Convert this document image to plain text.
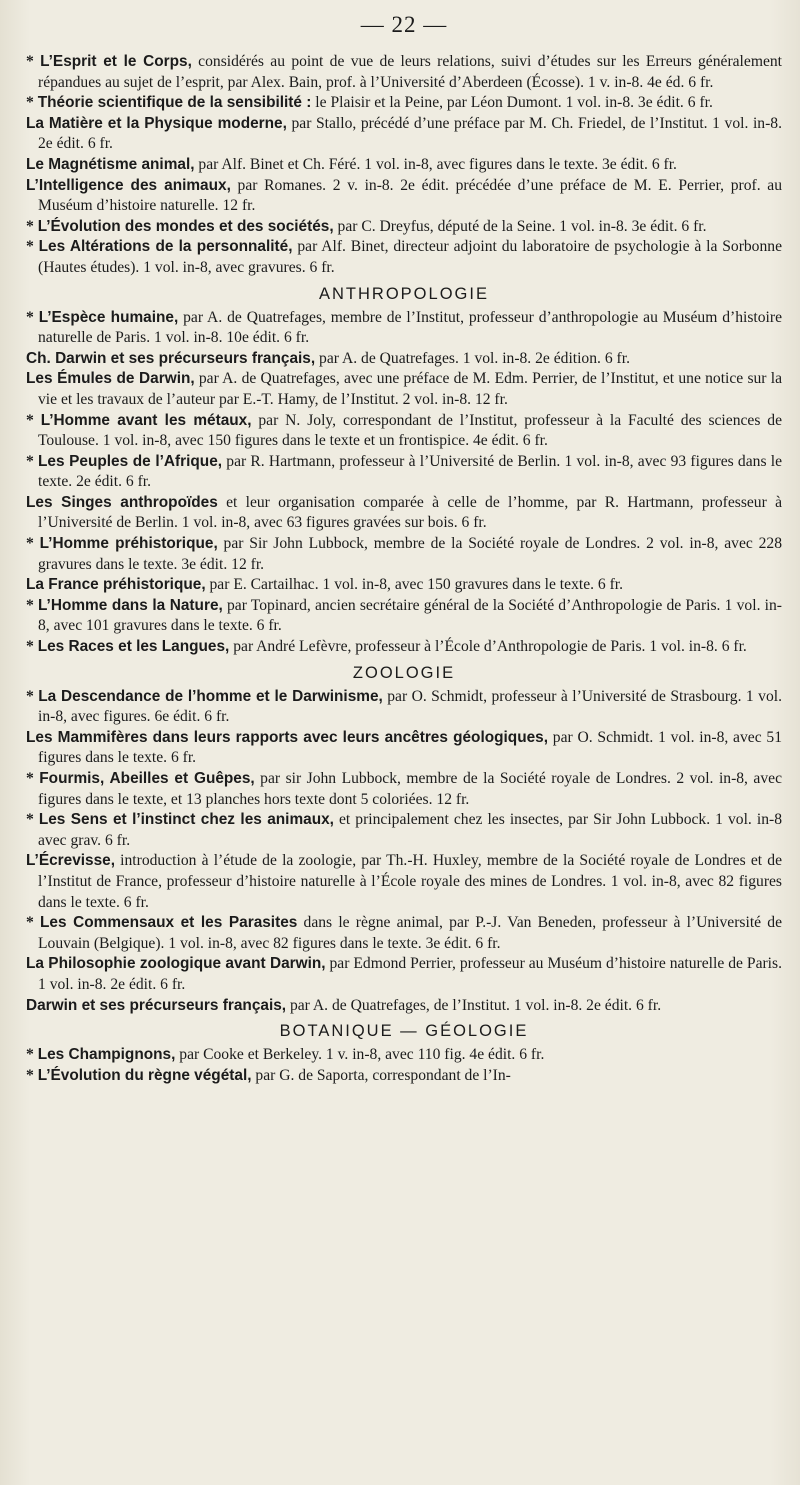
— 22 —

* L’Esprit et le Corps, considérés au point de vue de leurs relations, suivi d’études sur les Erreurs généralement répandues au sujet de l’esprit, par Alex. Bain, prof. à l’Université d’Aberdeen (Écosse). 1 v. in-8. 4e éd. 6 fr.

* Théorie scientifique de la sensibilité : le Plaisir et la Peine, par Léon Dumont. 1 vol. in-8. 3e édit. 6 fr.

La Matière et la Physique moderne, par Stallo, précédé d’une préface par M. Ch. Friedel, de l’Institut. 1 vol. in-8. 2e édit. 6 fr.

Le Magnétisme animal, par Alf. Binet et Ch. Féré. 1 vol. in-8, avec figures dans le texte. 3e édit. 6 fr.

L’Intelligence des animaux, par Romanes. 2 v. in-8. 2e édit. précédée d’une préface de M. E. Perrier, prof. au Muséum d’histoire naturelle. 12 fr.

* L’Évolution des mondes et des sociétés, par C. Dreyfus, député de la Seine. 1 vol. in-8. 3e édit. 6 fr.

* Les Altérations de la personnalité, par Alf. Binet, directeur adjoint du laboratoire de psychologie à la Sorbonne (Hautes études). 1 vol. in-8, avec gravures. 6 fr.

ANTHROPOLOGIE

* L’Espèce humaine, par A. de Quatrefages, membre de l’Institut, professeur d’anthropologie au Muséum d’histoire naturelle de Paris. 1 vol. in-8. 10e édit. 6 fr.

Ch. Darwin et ses précurseurs français, par A. de Quatrefages. 1 vol. in-8. 2e édition. 6 fr.

Les Émules de Darwin, par A. de Quatrefages, avec une préface de M. Edm. Perrier, de l’Institut, et une notice sur la vie et les travaux de l’auteur par E.-T. Hamy, de l’Institut. 2 vol. in-8. 12 fr.

* L’Homme avant les métaux, par N. Joly, correspondant de l’Institut, professeur à la Faculté des sciences de Toulouse. 1 vol. in-8, avec 150 figures dans le texte et un frontispice. 4e édit. 6 fr.

* Les Peuples de l’Afrique, par R. Hartmann, professeur à l’Université de Berlin. 1 vol. in-8, avec 93 figures dans le texte. 2e édit. 6 fr.

Les Singes anthropoïdes et leur organisation comparée à celle de l’homme, par R. Hartmann, professeur à l’Université de Berlin. 1 vol. in-8, avec 63 figures gravées sur bois. 6 fr.

* L’Homme préhistorique, par Sir John Lubbock, membre de la Société royale de Londres. 2 vol. in-8, avec 228 gravures dans le texte. 3e édit. 12 fr.

La France préhistorique, par E. Cartailhac. 1 vol. in-8, avec 150 gravures dans le texte. 6 fr.

* L’Homme dans la Nature, par Topinard, ancien secrétaire général de la Société d’Anthropologie de Paris. 1 vol. in-8, avec 101 gravures dans le texte. 6 fr.

* Les Races et les Langues, par André Lefèvre, professeur à l’École d’Anthropologie de Paris. 1 vol. in-8. 6 fr.

ZOOLOGIE

* La Descendance de l’homme et le Darwinisme, par O. Schmidt, professeur à l’Université de Strasbourg. 1 vol. in-8, avec figures. 6e édit. 6 fr.

Les Mammifères dans leurs rapports avec leurs ancêtres géologiques, par O. Schmidt. 1 vol. in-8, avec 51 figures dans le texte. 6 fr.

* Fourmis, Abeilles et Guêpes, par sir John Lubbock, membre de la Société royale de Londres. 2 vol. in-8, avec figures dans le texte, et 13 planches hors texte dont 5 coloriées. 12 fr.

* Les Sens et l’instinct chez les animaux, et principalement chez les insectes, par Sir John Lubbock. 1 vol. in-8 avec grav. 6 fr.

L’Écrevisse, introduction à l’étude de la zoologie, par Th.-H. Huxley, membre de la Société royale de Londres et de l’Institut de France, professeur d’histoire naturelle à l’École royale des mines de Londres. 1 vol. in-8, avec 82 figures dans le texte. 6 fr.

* Les Commensaux et les Parasites dans le règne animal, par P.-J. Van Beneden, professeur à l’Université de Louvain (Belgique). 1 vol. in-8, avec 82 figures dans le texte. 3e édit. 6 fr.

La Philosophie zoologique avant Darwin, par Edmond Perrier, professeur au Muséum d’histoire naturelle de Paris. 1 vol. in-8. 2e édit. 6 fr.

Darwin et ses précurseurs français, par A. de Quatrefages, de l’Institut. 1 vol. in-8. 2e édit. 6 fr.

BOTANIQUE — GÉOLOGIE

* Les Champignons, par Cooke et Berkeley. 1 v. in-8, avec 110 fig. 4e édit. 6 fr.

* L’Évolution du règne végétal, par G. de Saporta, correspondant de l’In-
